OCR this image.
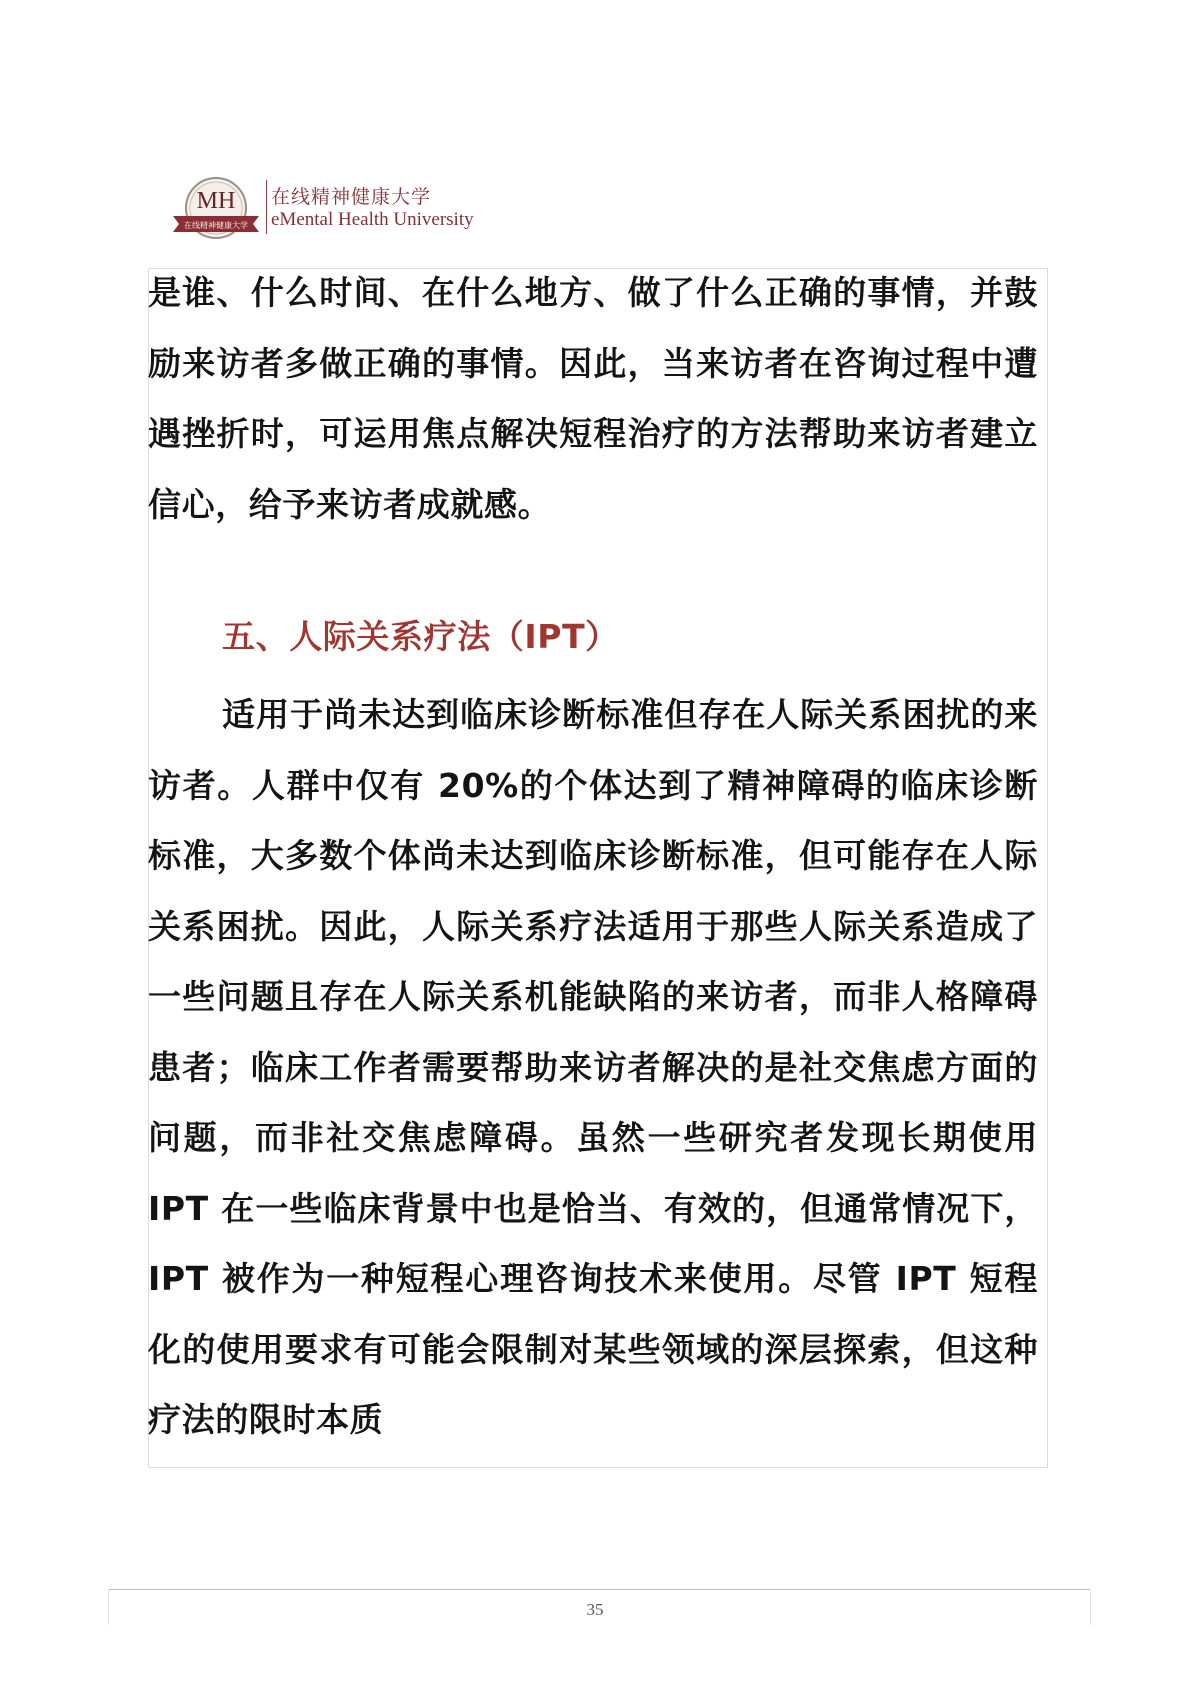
MH
在线精神健康大学
在线精神健康大学
eMental Health University

是谁、什么时间、在什么地方、做了什么正确的事情，并鼓励来访者多做正确的事情。因此，当来访者在咨询过程中遭遇挫折时，可运用焦点解决短程治疗的方法帮助来访者建立信心，给予来访者成就感。

五、人际关系疗法（IPT）

适用于尚未达到临床诊断标准但存在人际关系困扰的来访者。人群中仅有 20%的个体达到了精神障碍的临床诊断标准，大多数个体尚未达到临床诊断标准，但可能存在人际关系困扰。因此，人际关系疗法适用于那些人际关系造成了一些问题且存在人际关系机能缺陷的来访者，而非人格障碍患者；临床工作者需要帮助来访者解决的是社交焦虑方面的问题，而非社交焦虑障碍。虽然一些研究者发现长期使用 IPT 在一些临床背景中也是恰当、有效的，但通常情况下，IPT 被作为一种短程心理咨询技术来使用。尽管 IPT 短程化的使用要求有可能会限制对某些领域的深层探索，但这种疗法的限时本质

35
